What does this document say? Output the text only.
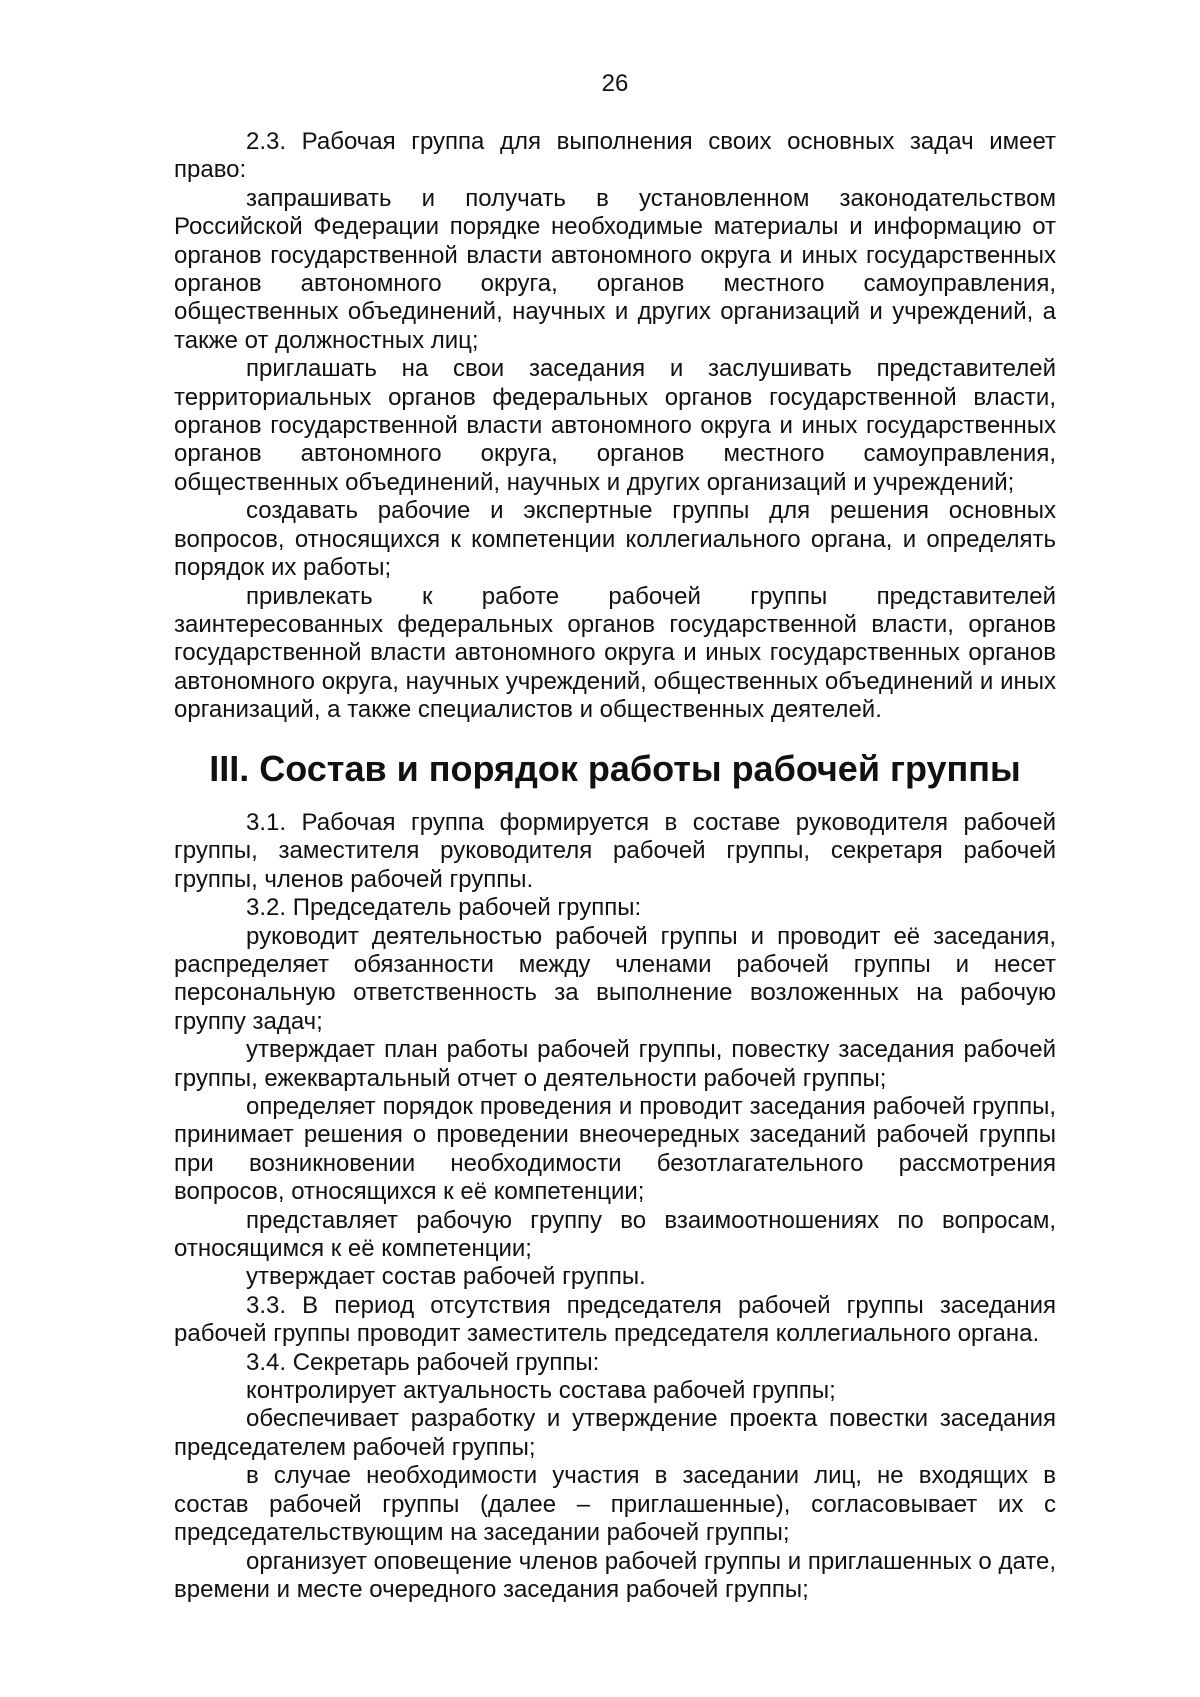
26

2.3. Рабочая группа для выполнения своих основных задач имеет право:

запрашивать и получать в установленном законодательством Российской Федерации порядке необходимые материалы и информацию от органов государственной власти автономного округа и иных государственных органов автономного округа, органов местного самоуправления, общественных объединений, научных и других организаций и учреждений, а также от должностных лиц;

приглашать на свои заседания и заслушивать представителей территориальных органов федеральных органов государственной власти, органов государственной власти автономного округа и иных государственных органов автономного округа, органов местного самоуправления, общественных объединений, научных и других организаций и учреждений;

создавать рабочие и экспертные группы для решения основных вопросов, относящихся к компетенции коллегиального органа, и определять порядок их работы;

привлекать к работе рабочей группы представителей заинтересованных федеральных органов государственной власти, органов государственной власти автономного округа и иных государственных органов автономного округа, научных учреждений, общественных объединений и иных организаций, а также специалистов и общественных деятелей.

III. Состав и порядок работы рабочей группы

3.1. Рабочая группа формируется в составе руководителя рабочей группы, заместителя руководителя рабочей группы, секретаря рабочей группы, членов рабочей группы.

3.2. Председатель рабочей группы:

руководит деятельностью рабочей группы и проводит её заседания, распределяет обязанности между членами рабочей группы и несет персональную ответственность за выполнение возложенных на рабочую группу задач;

утверждает план работы рабочей группы, повестку заседания рабочей группы, ежеквартальный отчет о деятельности рабочей группы;

определяет порядок проведения и проводит заседания рабочей группы, принимает решения о проведении внеочередных заседаний рабочей группы при возникновении необходимости безотлагательного рассмотрения вопросов, относящихся к её компетенции;

представляет рабочую группу во взаимоотношениях по вопросам, относящимся к её компетенции;

утверждает состав рабочей группы.

3.3. В период отсутствия председателя рабочей группы заседания рабочей группы проводит заместитель председателя коллегиального органа.

3.4. Секретарь рабочей группы:

контролирует актуальность состава рабочей группы;

обеспечивает разработку и утверждение проекта повестки заседания председателем рабочей группы;

в случае необходимости участия в заседании лиц, не входящих в состав рабочей группы (далее – приглашенные), согласовывает их с председательствующим на заседании рабочей группы;

организует оповещение членов рабочей группы и приглашенных о дате, времени и месте очередного заседания рабочей группы;
